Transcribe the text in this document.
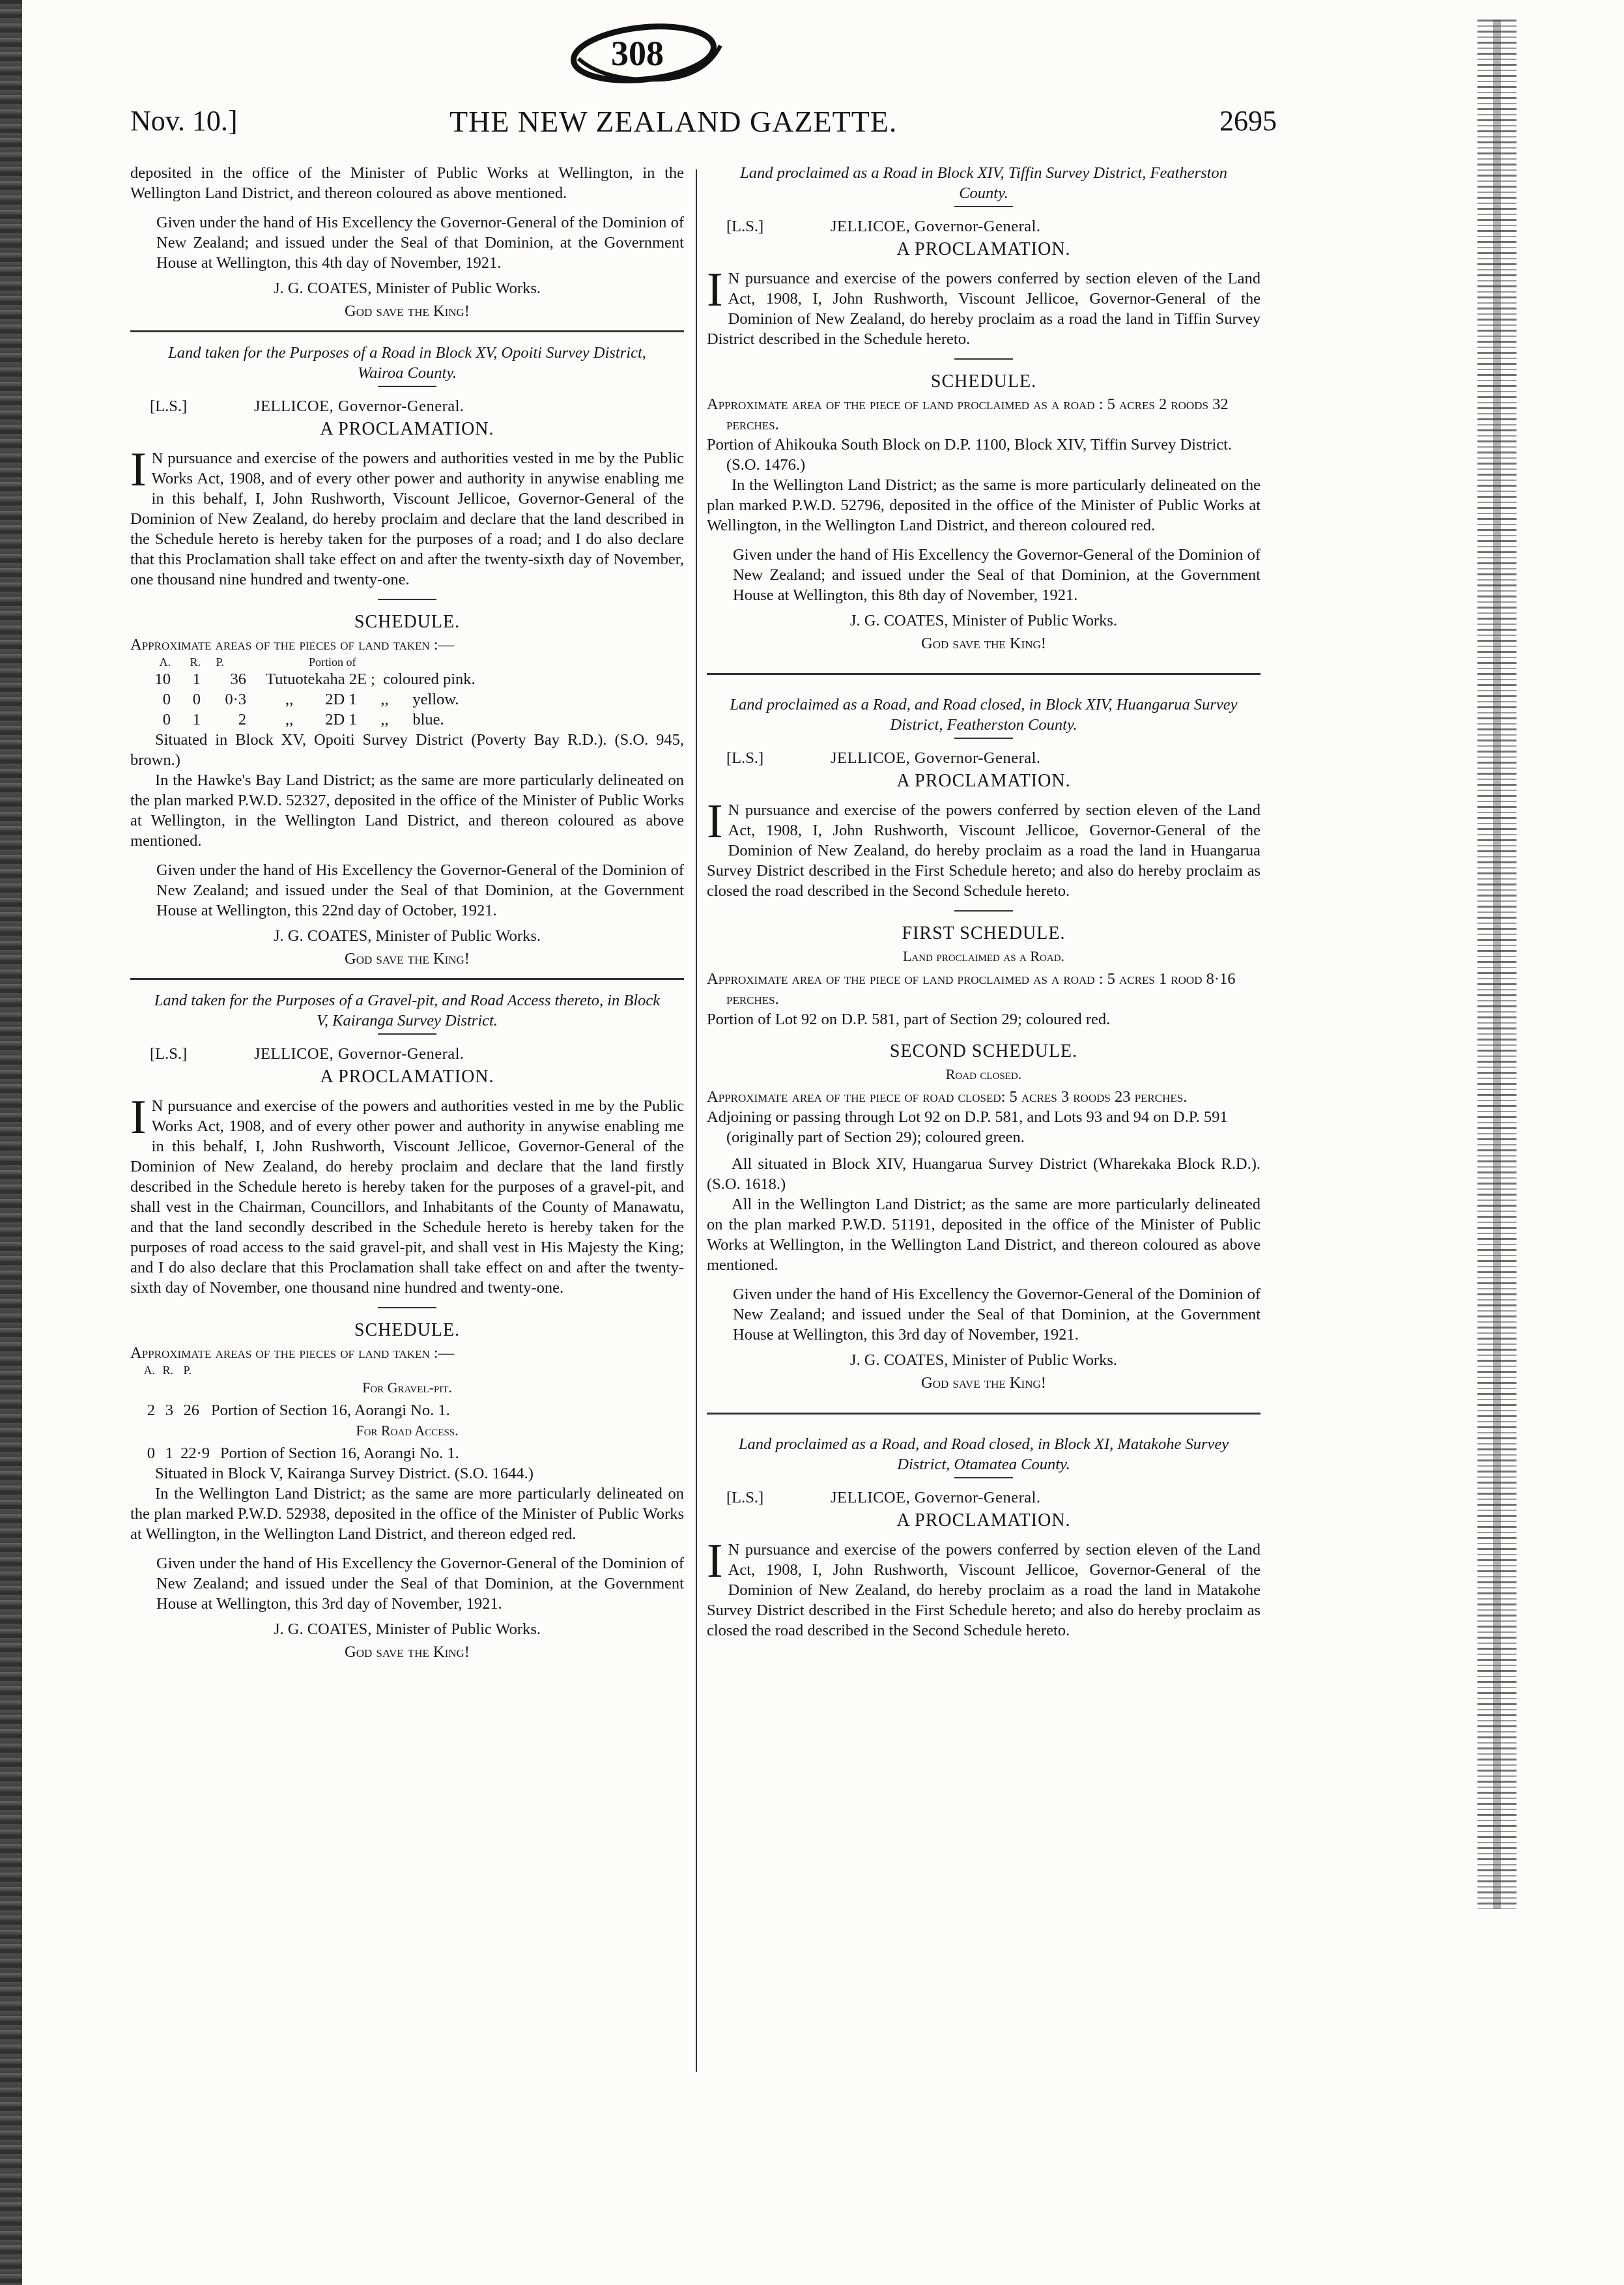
308
Nov. 10.]	THE NEW ZEALAND GAZETTE.	2695

deposited in the office of the Minister of Public Works at Wellington, in the Wellington Land District, and thereon coloured as above mentioned.

Given under the hand of His Excellency the Governor-General of the Dominion of New Zealand; and issued under the Seal of that Dominion, at the Government House at Wellington, this 4th day of November, 1921.

J. G. COATES, Minister of Public Works.

God save the King!

Land taken for the Purposes of a Road in Block XV, Opoiti Survey District, Wairoa County.

[L.S.]	JELLICOE, Governor-General.

A PROCLAMATION.

I N pursuance and exercise of the powers and authorities vested in me by the Public Works Act, 1908, and of every other power and authority in anywise enabling me in this behalf, I, John Rushworth, Viscount Jellicoe, Governor-General of the Dominion of New Zealand, do hereby proclaim and declare that the land described in the Schedule hereto is hereby taken for the purposes of a road; and I do also declare that this Proclamation shall take effect on and after the twenty-sixth day of November, one thousand nine hundred and twenty-one.

SCHEDULE.

Approximate areas of the pieces of land taken :—

A.	R.	P.	Portion of
10	1	36 Tutuotekaha 2E ;  coloured pink.
0	0	0·3 ,,        2D 1      ,,      yellow.
0	1	2 ,,        2D 1      ,,      blue.

Situated in Block XV, Opoiti Survey District (Poverty Bay R.D.). (S.O. 945, brown.)

In the Hawke's Bay Land District; as the same are more particularly delineated on the plan marked P.W.D. 52327, deposited in the office of the Minister of Public Works at Wellington, in the Wellington Land District, and thereon coloured as above mentioned.

Given under the hand of His Excellency the Governor-General of the Dominion of New Zealand; and issued under the Seal of that Dominion, at the Government House at Wellington, this 22nd day of October, 1921.

J. G. COATES, Minister of Public Works.

God save the King!

Land taken for the Purposes of a Gravel-pit, and Road Access thereto, in Block V, Kairanga Survey District.

[L.S.]	JELLICOE, Governor-General.

A PROCLAMATION.

I N pursuance and exercise of the powers and authorities vested in me by the Public Works Act, 1908, and of every other power and authority in anywise enabling me in this behalf, I, John Rushworth, Viscount Jellicoe, Governor-General of the Dominion of New Zealand, do hereby proclaim and declare that the land firstly described in the Schedule hereto is hereby taken for the purposes of a gravel-pit, and shall vest in the Chairman, Councillors, and Inhabitants of the County of Manawatu, and that the land secondly described in the Schedule hereto is hereby taken for the purposes of road access to the said gravel-pit, and shall vest in His Majesty the King; and I do also declare that this Proclamation shall take effect on and after the twenty-sixth day of November, one thousand nine hundred and twenty-one.

SCHEDULE.

Approximate areas of the pieces of land taken :—

A. R. P.

For Gravel-pit.

2 3 26 Portion of Section 16, Aorangi No. 1.

For Road Access.

0 1 22·9 Portion of Section 16, Aorangi No. 1.

Situated in Block V, Kairanga Survey District. (S.O. 1644.)

In the Wellington Land District; as the same are more particularly delineated on the plan marked P.W.D. 52938, deposited in the office of the Minister of Public Works at Wellington, in the Wellington Land District, and thereon edged red.

Given under the hand of His Excellency the Governor-General of the Dominion of New Zealand; and issued under the Seal of that Dominion, at the Government House at Wellington, this 3rd day of November, 1921.

J. G. COATES, Minister of Public Works.

God save the King!

Land proclaimed as a Road in Block XIV, Tiffin Survey District, Featherston County.

[L.S.]	JELLICOE, Governor-General.

A PROCLAMATION.

I N pursuance and exercise of the powers conferred by section eleven of the Land Act, 1908, I, John Rushworth, Viscount Jellicoe, Governor-General of the Dominion of New Zealand, do hereby proclaim as a road the land in Tiffin Survey District described in the Schedule hereto.

SCHEDULE.

Approximate area of the piece of land proclaimed as a road : 5 acres 2 roods 32 perches.

Portion of Ahikouka South Block on D.P. 1100, Block XIV, Tiffin Survey District. (S.O. 1476.)

In the Wellington Land District; as the same is more particularly delineated on the plan marked P.W.D. 52796, deposited in the office of the Minister of Public Works at Wellington, in the Wellington Land District, and thereon coloured red.

Given under the hand of His Excellency the Governor-General of the Dominion of New Zealand; and issued under the Seal of that Dominion, at the Government House at Wellington, this 8th day of November, 1921.

J. G. COATES, Minister of Public Works.

God save the King!

Land proclaimed as a Road, and Road closed, in Block XIV, Huangarua Survey District, Featherston County.

[L.S.]	JELLICOE, Governor-General.

A PROCLAMATION.

I N pursuance and exercise of the powers conferred by section eleven of the Land Act, 1908, I, John Rushworth, Viscount Jellicoe, Governor-General of the Dominion of New Zealand, do hereby proclaim as a road the land in Huangarua Survey District described in the First Schedule hereto; and also do hereby proclaim as closed the road described in the Second Schedule hereto.

FIRST SCHEDULE.

Land proclaimed as a Road.

Approximate area of the piece of land proclaimed as a road : 5 acres 1 rood 8·16 perches.

Portion of Lot 92 on D.P. 581, part of Section 29; coloured red.

SECOND SCHEDULE.

Road closed.

Approximate area of the piece of road closed: 5 acres 3 roods 23 perches.

Adjoining or passing through Lot 92 on D.P. 581, and Lots 93 and 94 on D.P. 591 (originally part of Section 29); coloured green.

All situated in Block XIV, Huangarua Survey District (Wharekaka Block R.D.). (S.O. 1618.)

All in the Wellington Land District; as the same are more particularly delineated on the plan marked P.W.D. 51191, deposited in the office of the Minister of Public Works at Wellington, in the Wellington Land District, and thereon coloured as above mentioned.

Given under the hand of His Excellency the Governor-General of the Dominion of New Zealand; and issued under the Seal of that Dominion, at the Government House at Wellington, this 3rd day of November, 1921.

J. G. COATES, Minister of Public Works.

God save the King!

Land proclaimed as a Road, and Road closed, in Block XI, Matakohe Survey District, Otamatea County.

[L.S.]	JELLICOE, Governor-General.

A PROCLAMATION.

I N pursuance and exercise of the powers conferred by section eleven of the Land Act, 1908, I, John Rushworth, Viscount Jellicoe, Governor-General of the Dominion of New Zealand, do hereby proclaim as a road the land in Matakohe Survey District described in the First Schedule hereto; and also do hereby proclaim as closed the road described in the Second Schedule hereto.
